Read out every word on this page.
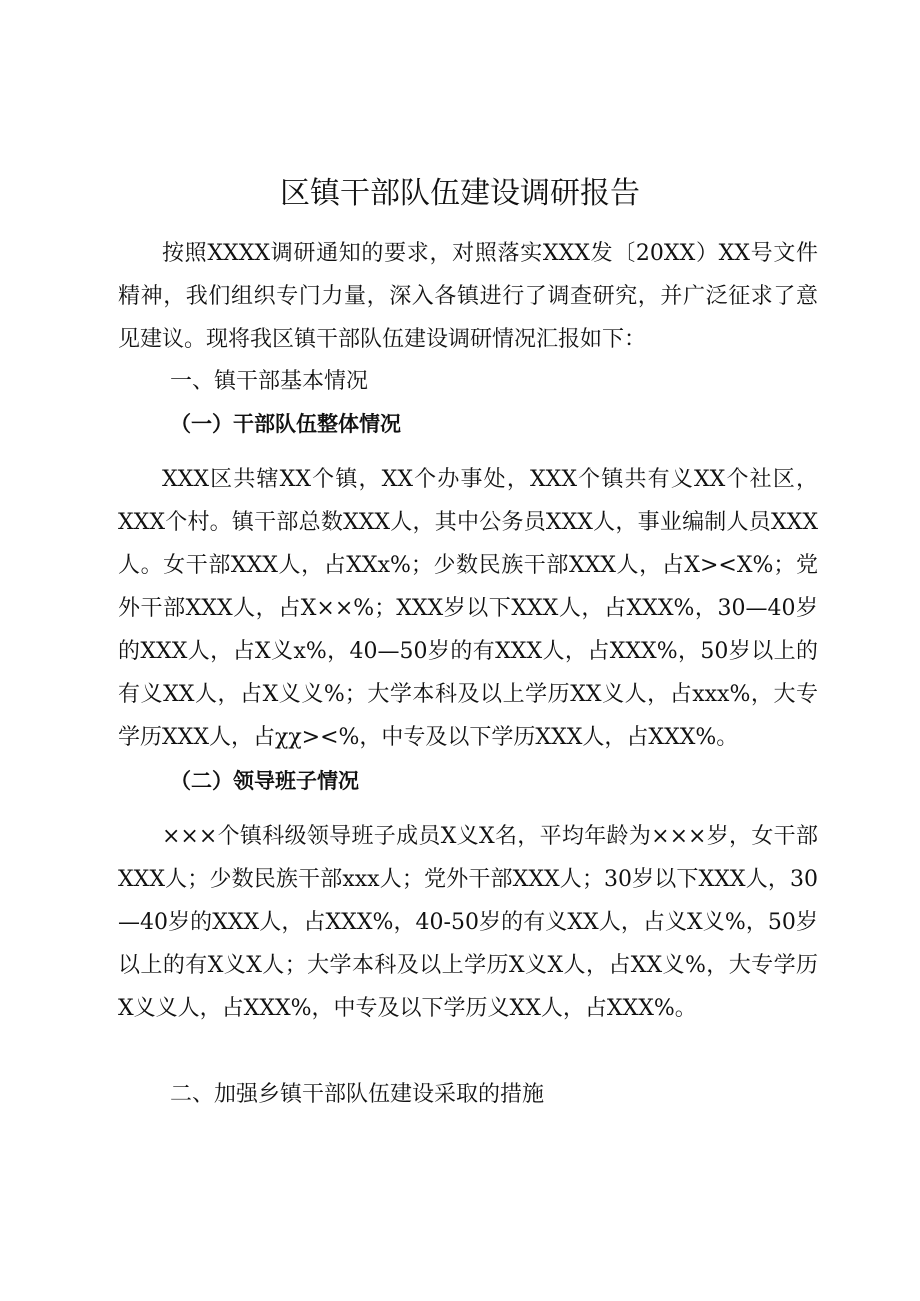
区镇干部队伍建设调研报告

按照XXXX调研通知的要求，对照落实XXX发〔20XX）XX号文件精神，我们组织专门力量，深入各镇进行了调查研究，并广泛征求了意见建议。现将我区镇干部队伍建设调研情况汇报如下：

一、镇干部基本情况
（一）干部队伍整体情况

XXX区共辖XX个镇，XX个办事处，XXX个镇共有义XX个社区，XXX个村。镇干部总数XXX人，其中公务员XXX人，事业编制人员XXX人。女干部XXX人，占XXx%；少数民族干部XXX人，占X><X%；党外干部XXX人，占X××%；XXX岁以下XXX人，占XXX%，30—40岁的XXX人，占X义x%，40—50岁的有XXX人，占XXX%，50岁以上的有义XX人，占X义义%；大学本科及以上学历XX义人，占xxx%，大专学历XXX人，占χχ><%，中专及以下学历XXX人，占XXX%。

（二）领导班子情况

×××个镇科级领导班子成员X义X名，平均年龄为×××岁，女干部XXX人；少数民族干部xxx人；党外干部XXX人；30岁以下XXX人，30—40岁的XXX人，占XXX%，40-50岁的有义XX人，占义X义%，50岁以上的有X义X人；大学本科及以上学历X义X人，占XX义%，大专学历X义义人，占XXX%，中专及以下学历义XX人，占XXX%。

二、加强乡镇干部队伍建设采取的措施
